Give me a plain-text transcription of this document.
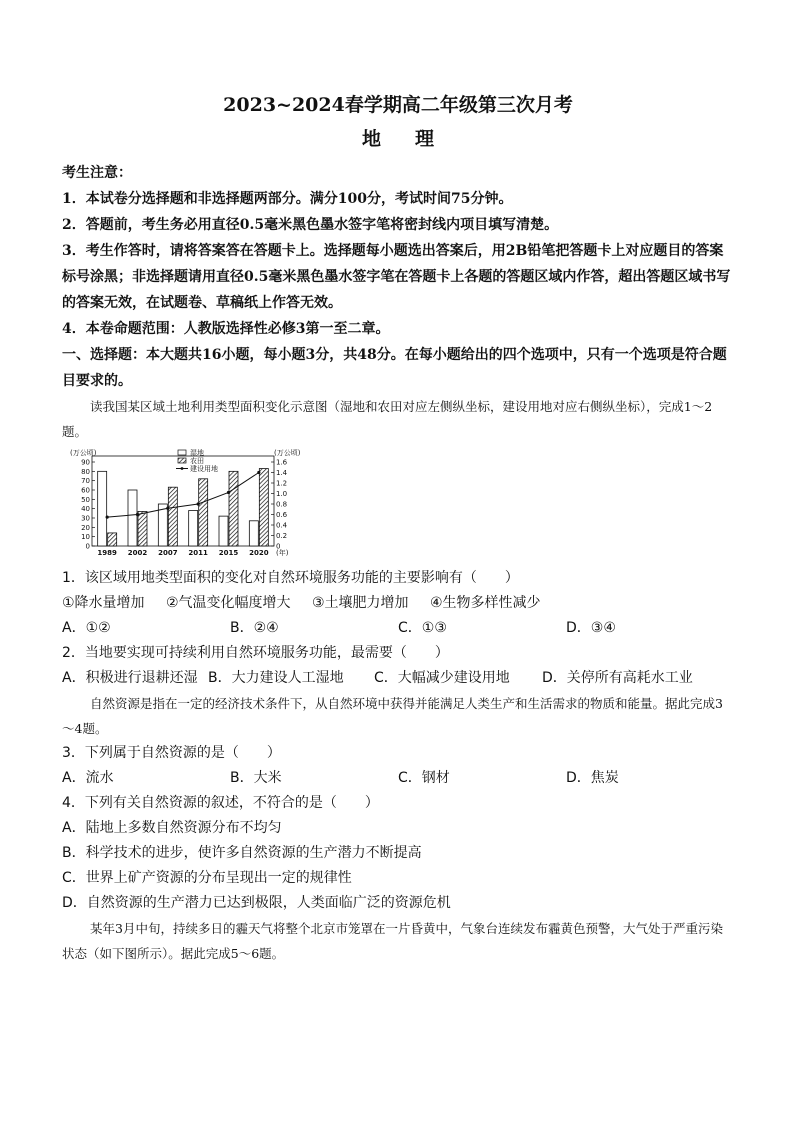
2023~2024春学期高二年级第三次月考
地理
考生注意：
1．本试卷分选择题和非选择题两部分。满分100分，考试时间75分钟。
2．答题前，考生务必用直径0.5毫米黑色墨水签字笔将密封线内项目填写清楚。
3．考生作答时，请将答案答在答题卡上。选择题每小题选出答案后，用2B铅笔把答题卡上对应题目的答案标号涂黑；非选择题请用直径0.5毫米黑色墨水签字笔在答题卡上各题的答题区域内作答，超出答题区域书写的答案无效，在试题卷、草稿纸上作答无效。
4．本卷命题范围：人教版选择性必修3第一至二章。
一、选择题：本大题共16小题，每小题3分，共48分。在每小题给出的四个选项中，只有一个选项是符合题目要求的。
读我国某区域土地利用类型面积变化示意图（湿地和农田对应左侧纵坐标，建设用地对应右侧纵坐标），完成1～2题。
(万公顷)	(万公顷)
0
10
20
30
40
50
60
70
80
90
0
0.2
0.4
0.6
0.8
1.0
1.2
1.4
1.6
1989 2002 2007 2011 2015 2020 (年)
湿地
农田
建设用地
1．该区域用地类型面积的变化对自然环境服务功能的主要影响有（　　）
①降水量增加	②气温变化幅度增大	③土壤肥力增加	④生物多样性减少
A．①②	B．②④	C．①③	D．③④
2．当地要实现可持续利用自然环境服务功能，最需要（　　）
A．积极进行退耕还湿 B．大力建设人工湿地	C．大幅减少建设用地	D．关停所有高耗水工业
自然资源是指在一定的经济技术条件下，从自然环境中获得并能满足人类生产和生活需求的物质和能量。据此完成3～4题。
3．下列属于自然资源的是（　　）
A．流水	B．大米	C．钢材	D．焦炭
4．下列有关自然资源的叙述，不符合的是（　　）
A．陆地上多数自然资源分布不均匀
B．科学技术的进步，使许多自然资源的生产潜力不断提高
C．世界上矿产资源的分布呈现出一定的规律性
D．自然资源的生产潜力已达到极限，人类面临广泛的资源危机
某年3月中旬，持续多日的霾天气将整个北京市笼罩在一片昏黄中，气象台连续发布霾黄色预警，大气处于严重污染状态（如下图所示）。据此完成5～6题。
